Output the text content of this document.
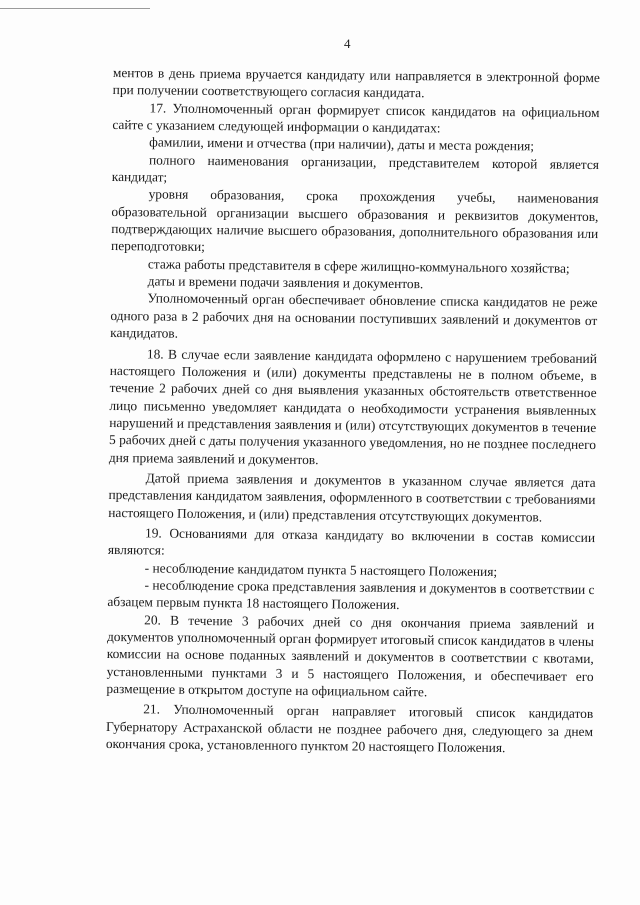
4

ментов в день приема вручается кандидату или направляется в электронной форме при получении соответствующего согласия кандидата.

17. Уполномоченный орган формирует список кандидатов на официальном сайте с указанием следующей информации о кандидатах:

фамилии, имени и отчества (при наличии), даты и места рождения;

полного наименования организации, представителем которой является кандидат;

уровня образования, срока прохождения учебы, наименования образовательной организации высшего образования и реквизитов документов, подтверждающих наличие высшего образования, дополнительного образования или переподготовки;

стажа работы представителя в сфере жилищно-коммунального хозяйства;

даты и времени подачи заявления и документов.

Уполномоченный орган обеспечивает обновление списка кандидатов не реже одного раза в 2 рабочих дня на основании поступивших заявлений и документов от кандидатов.

18. В случае если заявление кандидата оформлено с нарушением требований настоящего Положения и (или) документы представлены не в полном объеме, в течение 2 рабочих дней со дня выявления указанных обстоятельств ответственное лицо письменно уведомляет кандидата о необходимости устранения выявленных нарушений и представления заявления и (или) отсутствующих документов в течение 5 рабочих дней с даты получения указанного уведомления, но не позднее последнего дня приема заявлений и документов.

Датой приема заявления и документов в указанном случае является дата представления кандидатом заявления, оформленного в соответствии с требованиями настоящего Положения, и (или) представления отсутствующих документов.

19. Основаниями для отказа кандидату во включении в состав комиссии являются:

- несоблюдение кандидатом пункта 5 настоящего Положения;

- несоблюдение срока представления заявления и документов в соответствии с абзацем первым пункта 18 настоящего Положения.

20. В течение 3 рабочих дней со дня окончания приема заявлений и документов уполномоченный орган формирует итоговый список кандидатов в члены комиссии на основе поданных заявлений и документов в соответствии с квотами, установленными пунктами 3 и 5 настоящего Положения, и обеспечивает его размещение в открытом доступе на официальном сайте.

21. Уполномоченный орган направляет итоговый список кандидатов Губернатору Астраханской области не позднее рабочего дня, следующего за днем окончания срока, установленного пунктом 20 настоящего Положения.
